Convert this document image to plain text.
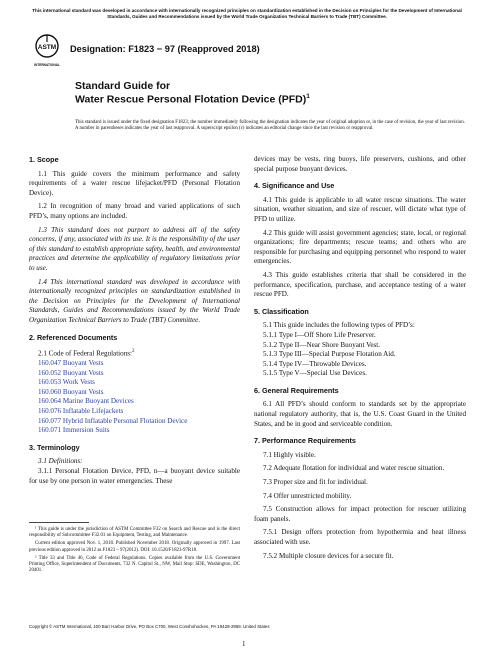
This international standard was developed in accordance with internationally recognized principles on standardization established in the Decision on Principles for the Development of International Standards, Guides and Recommendations issued by the World Trade Organization Technical Barriers to Trade (TBT) Committee.
ASTM
INTERNATIONAL
Designation: F1823 − 97 (Reapproved 2018)
Standard Guide for
Water Rescue Personal Flotation Device (PFD)$^1$
This standard is issued under the fixed designation F1823; the number immediately following the designation indicates the year of original adoption or, in the case of revision, the year of last revision. A number in parentheses indicates the year of last reapproval. A superscript epsilon (ε) indicates an editorial change since the last revision or reapproval.

1. Scope

1.1 This guide covers the minimum performance and safety requirements of a water rescue lifejacket/PFD (Personal Flotation Device).

1.2 In recognition of many broad and varied applications of such PFD’s, many options are included.

1.3 This standard does not purport to address all of the safety concerns, if any, associated with its use. It is the responsibility of the user of this standard to establish appropriate safety, health, and environmental practices and determine the applicability of regulatory limitations prior to use.

1.4 This international standard was developed in accordance with internationally recognized principles on standardization established in the Decision on Principles for the Development of International Standards, Guides and Recommendations issued by the World Trade Organization Technical Barriers to Trade (TBT) Committee.

2. Referenced Documents

2.1 Code of Federal Regulations:$^2$

160.047 Buoyant Vests

160.052 Buoyant Vests

160.053 Work Vests

160.060 Buoyant Vests

160.064 Marine Buoyant Devices

160.076 Inflatable Lifejackets

160.077 Hybrid Inflatable Personal Flotation Device

160.071 Immersion Suits

3. Terminology

3.1 Definitions:

3.1.1 Personal Flotation Device, PFD, n—a buoyant device suitable for use by one person in water emergencies. These

¹ This guide is under the jurisdiction of ASTM Committee F32 on Search and Rescue and is the direct responsibility of Subcommittee F32.01 on Equipment, Testing, and Maintenance.

Current edition approved Nov. 1, 2018. Published November 2018. Originally approved in 1997. Last previous edition approved in 2012 as F1823 – 97(2012). DOI: 10.1520/F1823-97R18.

² Title 33 and Title 46, Code of Federal Regulations. Copies available from the U.S. Government Printing Office, Superintendent of Documents, 732 N. Capitol St., NW, Mail Stop: SDE, Washington, DC 20401.

devices may be vests, ring buoys, life preservers, cushions, and other special purpose buoyant devices.

4. Significance and Use

4.1 This guide is applicable to all water rescue situations. The water situation, weather situation, and size of rescuer, will dictate what type of PFD to utilize.

4.2 This guide will assist government agencies; state, local, or regional organizations; fire departments; rescue teams; and others who are responsible for purchasing and equipping personnel who respond to water emergencies.

4.3 This guide establishes criteria that shall be considered in the performance, specification, purchase, and acceptance testing of a water rescue PFD.

5. Classification

5.1 This guide includes the following types of PFD’s:

5.1.1 Type I—Off Shore Life Preserver.

5.1.2 Type II—Near Shore Buoyant Vest.

5.1.3 Type III—Special Purpose Flotation Aid.

5.1.4 Type IV—Throwable Devices.

5.1.5 Type V—Special Use Devices.

6. General Requirements

6.1 All PFD’s should conform to standards set by the appropriate national regulatory authority, that is, the U.S. Coast Guard in the United States, and be in good and serviceable condition.

7. Performance Requirements

7.1 Highly visible.

7.2 Adequate flotation for individual and water rescue situation.

7.3 Proper size and fit for individual.

7.4 Offer unrestricted mobility.

7.5 Construction allows for impact protection for rescuer utilizing foam panels.

7.5.1 Design offers protection from hypothermia and heat illness associated with use.

7.5.2 Multiple closure devices for a secure fit.

Copyright © ASTM International, 100 Barr Harbor Drive, PO Box C700, West Conshohocken, PA 19428-2959. United States
1
